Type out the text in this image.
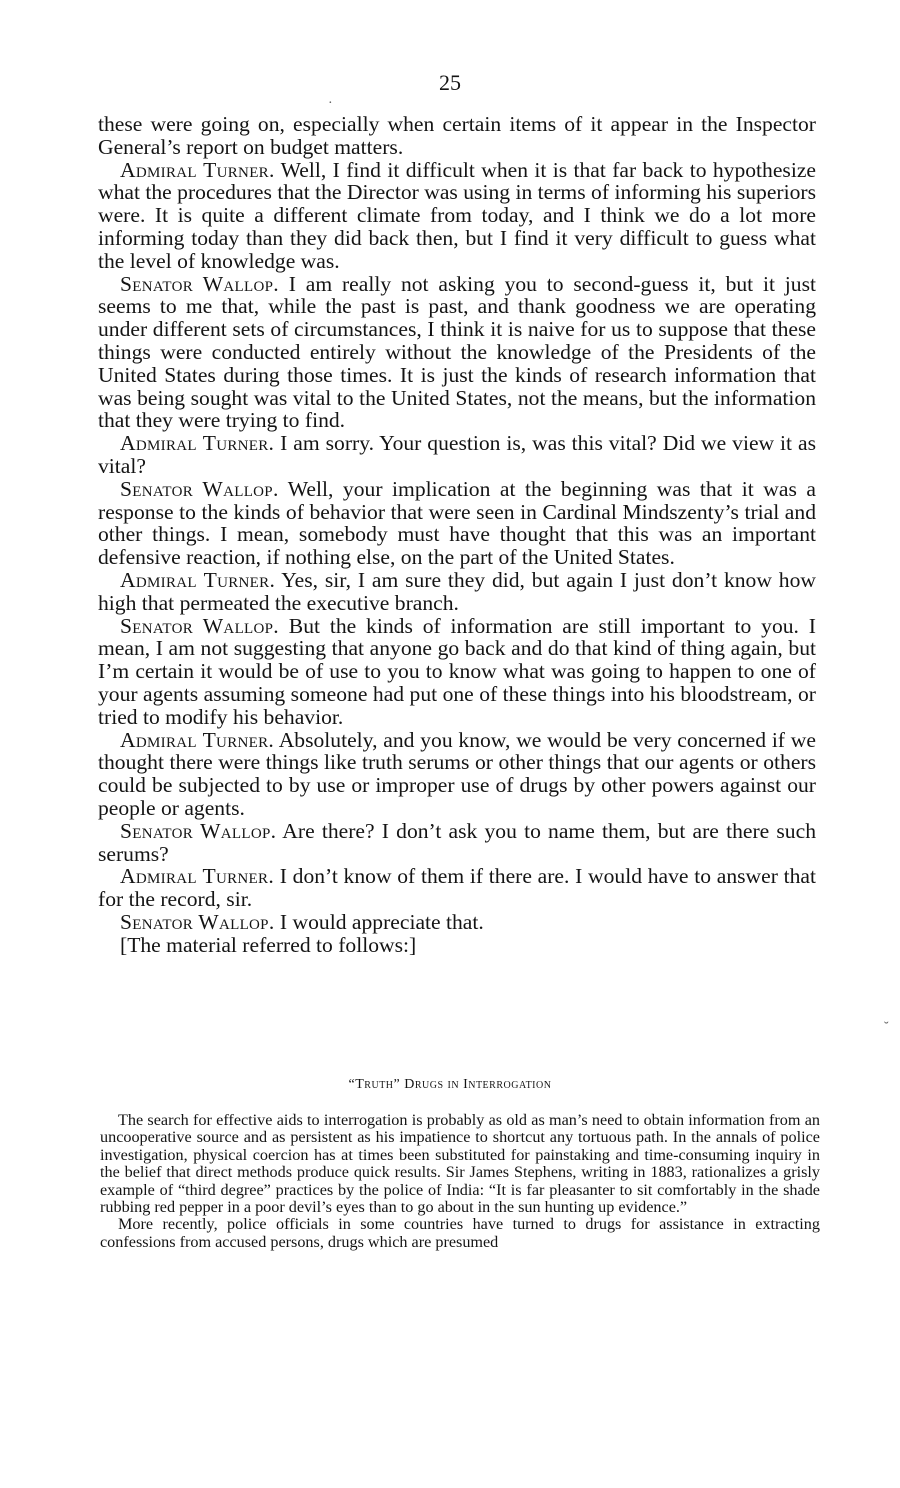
25

these were going on, especially when certain items of it appear in the Inspector General’s report on budget matters.

Admiral Turner. Well, I find it difficult when it is that far back to hypothesize what the procedures that the Director was using in terms of informing his superiors were. It is quite a different climate from today, and I think we do a lot more informing today than they did back then, but I find it very difficult to guess what the level of knowledge was.

Senator Wallop. I am really not asking you to second-guess it, but it just seems to me that, while the past is past, and thank goodness we are operating under different sets of circumstances, I think it is naive for us to suppose that these things were conducted entirely without the knowledge of the Presidents of the United States during those times. It is just the kinds of research information that was being sought was vital to the United States, not the means, but the information that they were trying to find.

Admiral Turner. I am sorry. Your question is, was this vital? Did we view it as vital?

Senator Wallop. Well, your implication at the beginning was that it was a response to the kinds of behavior that were seen in Cardinal Mindszenty’s trial and other things. I mean, somebody must have thought that this was an important defensive reaction, if nothing else, on the part of the United States.

Admiral Turner. Yes, sir, I am sure they did, but again I just don’t know how high that permeated the executive branch.

Senator Wallop. But the kinds of information are still important to you. I mean, I am not suggesting that anyone go back and do that kind of thing again, but I’m certain it would be of use to you to know what was going to happen to one of your agents assuming someone had put one of these things into his bloodstream, or tried to modify his behavior.

Admiral Turner. Absolutely, and you know, we would be very concerned if we thought there were things like truth serums or other things that our agents or others could be subjected to by use or improper use of drugs by other powers against our people or agents.

Senator Wallop. Are there? I don’t ask you to name them, but are there such serums?

Admiral Turner. I don’t know of them if there are. I would have to answer that for the record, sir.

Senator Wallop. I would appreciate that.

[The material referred to follows:]

“Truth” Drugs in Interrogation

The search for effective aids to interrogation is probably as old as man’s need to obtain information from an uncooperative source and as persistent as his impatience to shortcut any tortuous path. In the annals of police investigation, physical coercion has at times been substituted for painstaking and time-consuming inquiry in the belief that direct methods produce quick results. Sir James Stephens, writing in 1883, rationalizes a grisly example of “third degree” practices by the police of India: “It is far pleasanter to sit comfortably in the shade rubbing red pepper in a poor devil’s eyes than to go about in the sun hunting up evidence.”

More recently, police officials in some countries have turned to drugs for assistance in extracting confessions from accused persons, drugs which are presumed

˘
·
